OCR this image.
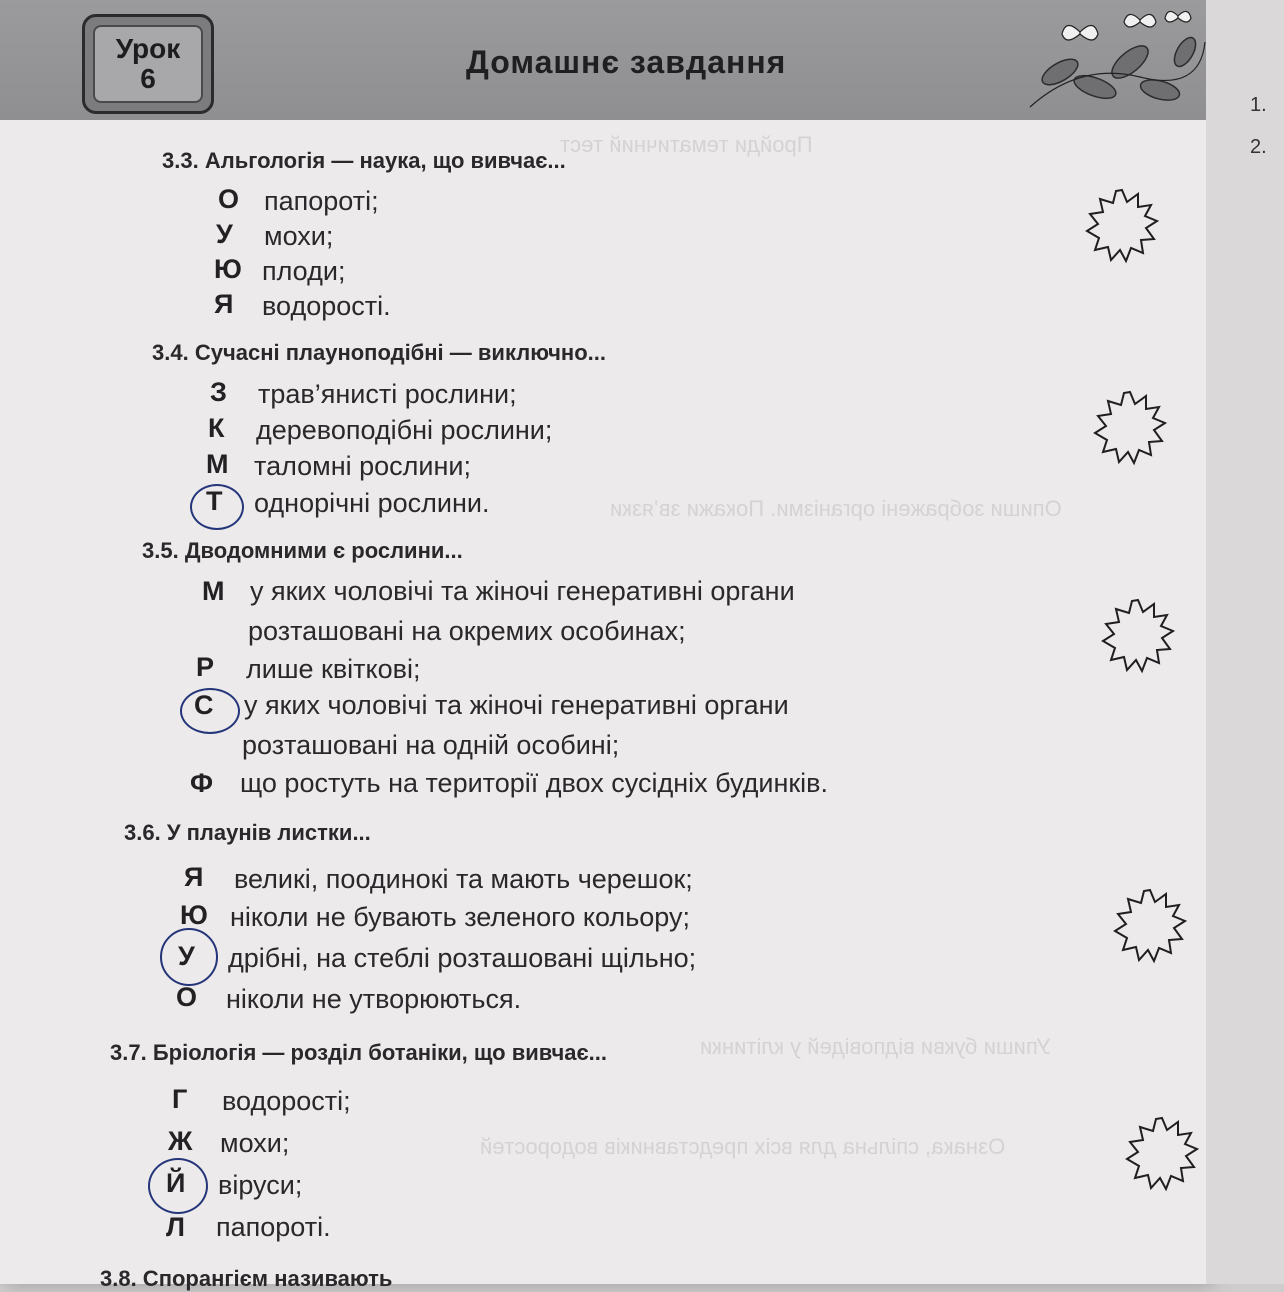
Пройди тематичний тест
Опиши зображені організми. Покажи зв’язки
Упиши букви відповідей у клітинки
Ознака, спільна для всіх представників водоростей
Урок
6	Домашнє завдання
3.3. Альгологія — наука, що вивчає...
О папороті;
У мохи;
Ю плоди;
Я водорості.
3.4. Сучасні плауноподібні — виключно...
З трав’янисті рослини;
К деревоподібні рослини;
М таломні рослини;
Т однорічні рослини.
3.5. Дводомними є рослини...
М у яких чоловічі та жіночі генеративні органи
розташовані на окремих особинах;
Р лише квіткові;
С у яких чоловічі та жіночі генеративні органи
розташовані на одній особині;
Ф що ростуть на території двох сусідніх будинків.
3.6. У плаунів листки...
Я великі, поодинокі та мають черешок;
Ю ніколи не бувають зеленого кольору;
У дрібні, на стеблі розташовані щільно;
О ніколи не утворюються.
3.7. Бріологія — розділ ботаніки, що вивчає...
Г водорості;
Ж мохи;
Й віруси;
Л папороті.
3.8. Спорангієм називають
1.
2.
